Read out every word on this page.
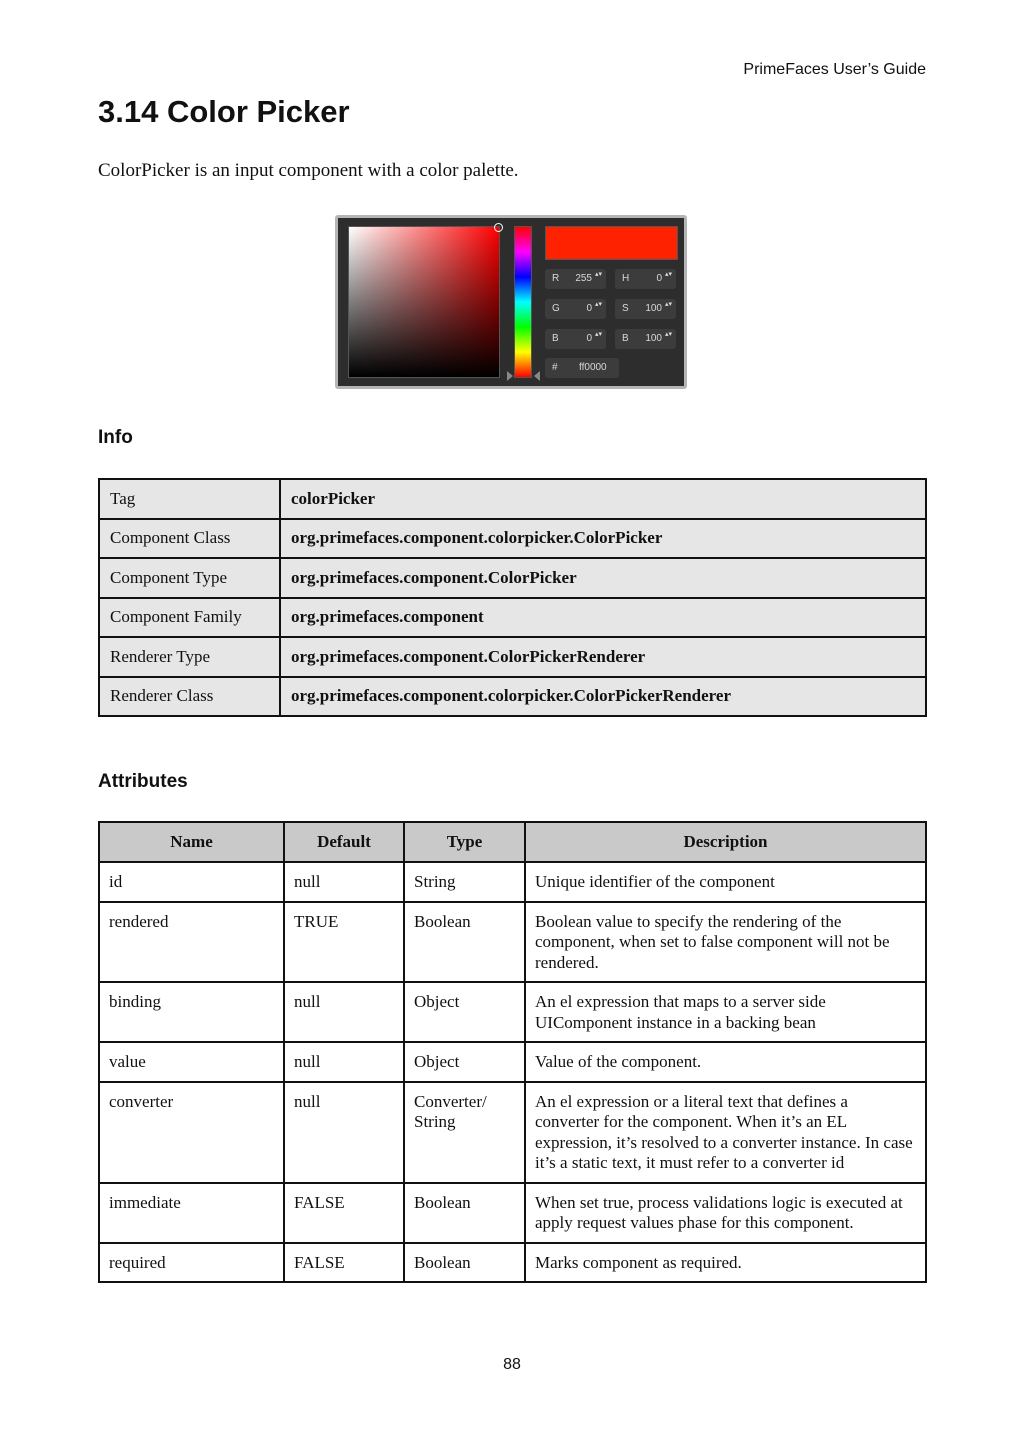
PrimeFaces User’s Guide
3.14 Color Picker

ColorPicker is an input component with a color palette.

R 255 ▴▾ H	0 ▴▾
G	0 ▴▾ S 100 ▴▾
B	0 ▴▾ B 100 ▴▾
# ff0000
Info
Tag	colorPicker
Component Class	org.primefaces.component.colorpicker.ColorPicker
Component Type	org.primefaces.component.ColorPicker
Component Family	org.primefaces.component
Renderer Type	org.primefaces.component.ColorPickerRenderer
Renderer Class	org.primefaces.component.colorpicker.ColorPickerRenderer
Attributes
Name	Default	Type	Description
id	null	String	Unique identifier of the component
rendered	TRUE	Boolean	Boolean value to specify the rendering of the component, when set to false component will not be rendered.
binding	null	Object	An el expression that maps to a server side UIComponent instance in a backing bean
value	null	Object	Value of the component.
converter	null	Converter/ String	An el expression or a literal text that defines a converter for the component. When it’s an EL expression, it’s resolved to a converter instance. In case it’s a static text, it must refer to a converter id
immediate	FALSE	Boolean	When set true, process validations logic is executed at apply request values phase for this component.
required	FALSE	Boolean	Marks component as required.
88
